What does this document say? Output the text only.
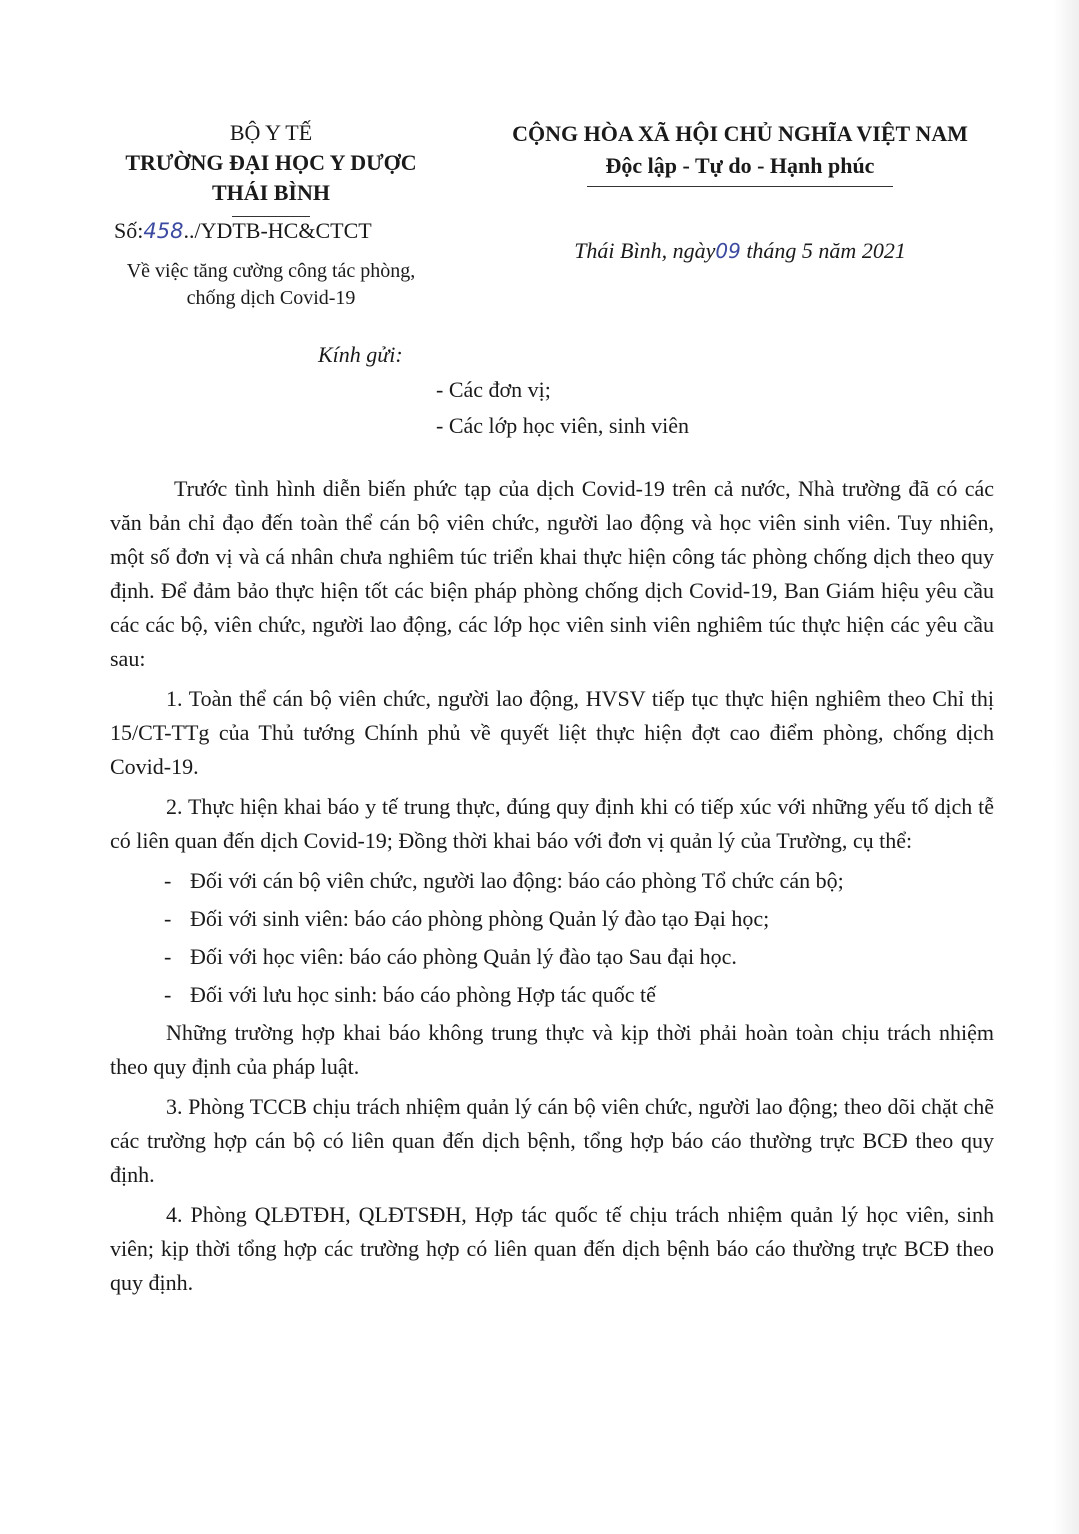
BỘ Y TẾ
TRƯỜNG ĐẠI HỌC Y DƯỢC
THÁI BÌNH
CỘNG HÒA XÃ HỘI CHỦ NGHĨA VIỆT NAM
Độc lập - Tự do - Hạnh phúc
Số:458../YDTB-HC&CTCT
Về việc tăng cường công tác phòng,
chống dịch Covid-19
Thái Bình, ngày09 tháng 5 năm 2021
Kính gửi:
- Các đơn vị;
- Các lớp học viên, sinh viên

Trước tình hình diễn biến phức tạp của dịch Covid-19 trên cả nước, Nhà trường đã có các văn bản chỉ đạo đến toàn thể cán bộ viên chức, người lao động và học viên sinh viên. Tuy nhiên, một số đơn vị và cá nhân chưa nghiêm túc triển khai thực hiện công tác phòng chống dịch theo quy định. Để đảm bảo thực hiện tốt các biện pháp phòng chống dịch Covid-19, Ban Giám hiệu yêu cầu các các bộ, viên chức, người lao động, các lớp học viên sinh viên nghiêm túc thực hiện các yêu cầu sau:

1. Toàn thể cán bộ viên chức, người lao động, HVSV tiếp tục thực hiện nghiêm theo Chỉ thị 15/CT-TTg của Thủ tướng Chính phủ về quyết liệt thực hiện đợt cao điểm phòng, chống dịch Covid-19.

2. Thực hiện khai báo y tế trung thực, đúng quy định khi có tiếp xúc với những yếu tố dịch tễ có liên quan đến dịch Covid-19; Đồng thời khai báo với đơn vị quản lý của Trường, cụ thể:

- Đối với cán bộ viên chức, người lao động: báo cáo phòng Tổ chức cán bộ;

- Đối với sinh viên: báo cáo phòng phòng Quản lý đào tạo Đại học;

- Đối với học viên: báo cáo phòng Quản lý đào tạo Sau đại học.

- Đối với lưu học sinh: báo cáo phòng Hợp tác quốc tế

Những trường hợp khai báo không trung thực và kịp thời phải hoàn toàn chịu trách nhiệm theo quy định của pháp luật.

3. Phòng TCCB chịu trách nhiệm quản lý cán bộ viên chức, người lao động; theo dõi chặt chẽ các trường hợp cán bộ có liên quan đến dịch bệnh, tổng hợp báo cáo thường trực BCĐ theo quy định.

4. Phòng QLĐTĐH, QLĐTSĐH, Hợp tác quốc tế chịu trách nhiệm quản lý học viên, sinh viên; kịp thời tổng hợp các trường hợp có liên quan đến dịch bệnh báo cáo thường trực BCĐ theo quy định.
